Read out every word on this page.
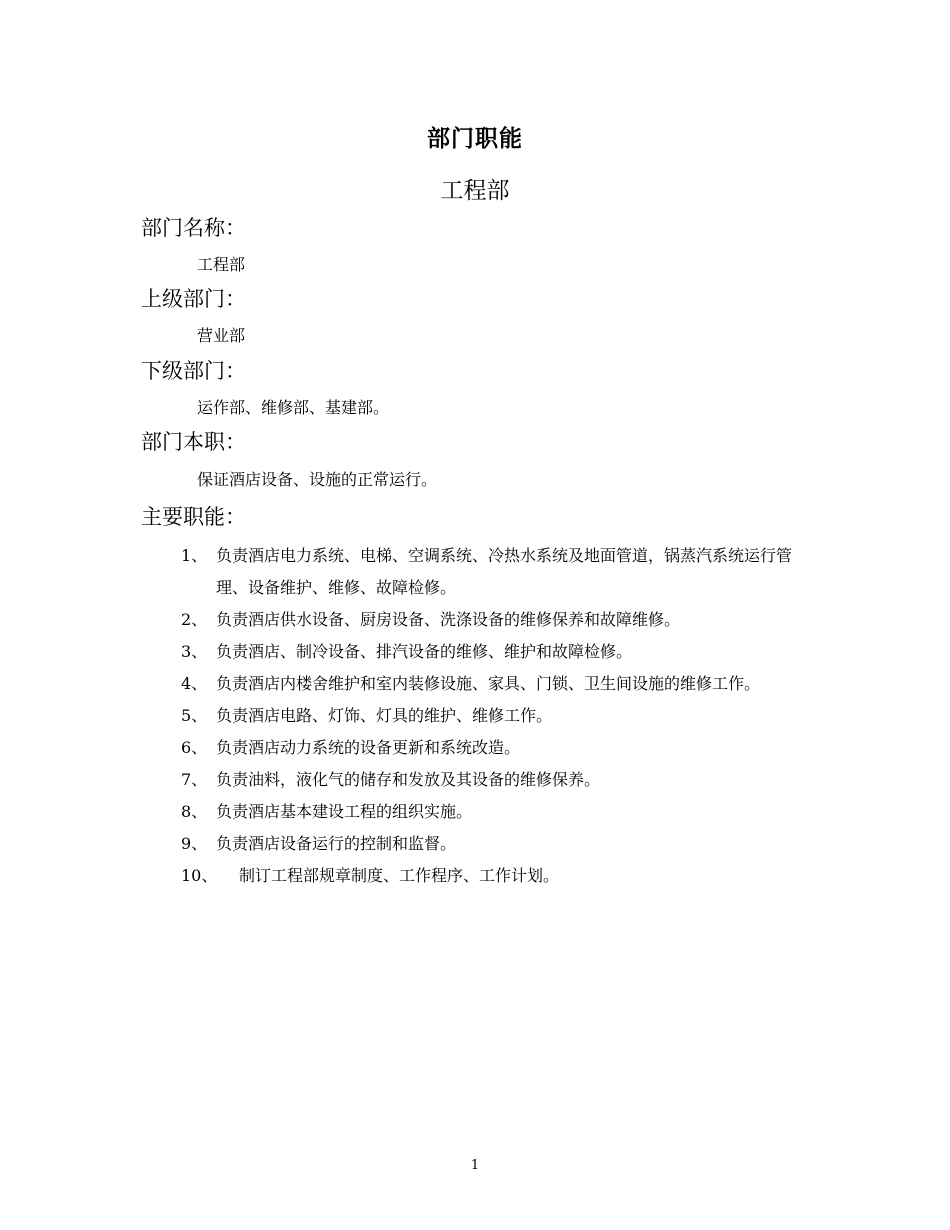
部门职能
工程部
部门名称：
工程部
上级部门：
营业部
下级部门：
运作部、维修部、基建部。
部门本职：
保证酒店设备、设施的正常运行。
主要职能：
1、 负责酒店电力系统、电梯、空调系统、冷热水系统及地面管道，锅蒸汽系统运行管理、设备维护、维修、故障检修。
2、 负责酒店供水设备、厨房设备、洗涤设备的维修保养和故障维修。
3、 负责酒店、制冷设备、排汽设备的维修、维护和故障检修。
4、 负责酒店内楼舍维护和室内装修设施、家具、门锁、卫生间设施的维修工作。
5、 负责酒店电路、灯饰、灯具的维护、维修工作。
6、 负责酒店动力系统的设备更新和系统改造。
7、 负责油料，液化气的储存和发放及其设备的维修保养。
8、 负责酒店基本建设工程的组织实施。
9、 负责酒店设备运行的控制和监督。
10、	制订工程部规章制度、工作程序、工作计划。
1
